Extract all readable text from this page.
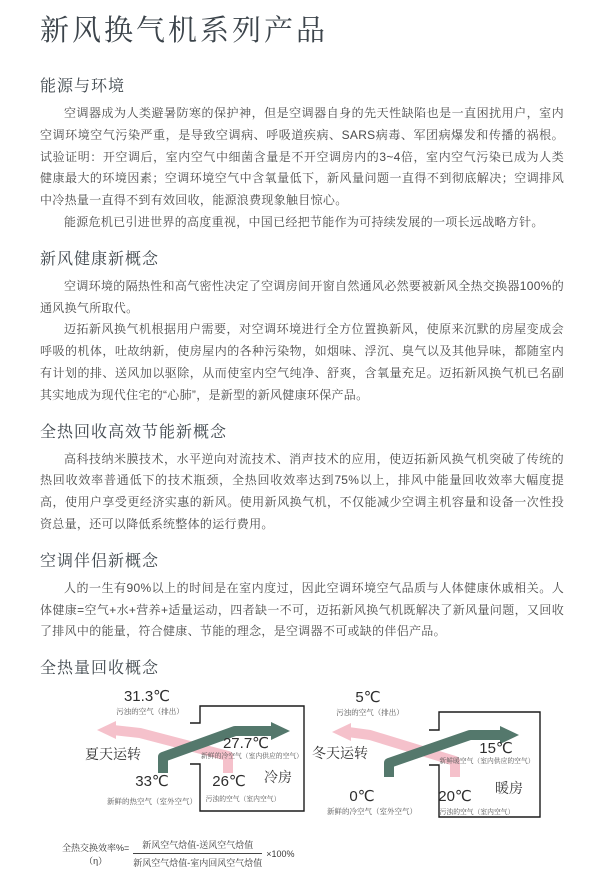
新风换气机系列产品
能源与环境

空调器成为人类避暑防寒的保护神，但是空调器自身的先天性缺陷也是一直困扰用户，室内空调环境空气污染严重，是导致空调病、呼吸道疾病、SARS病毒、军团病爆发和传播的祸根。试验证明：开空调后，室内空气中细菌含量是不开空调房内的3~4倍，室内空气污染已成为人类健康最大的环境因素；空调环境空气中含氧量低下，新风量问题一直得不到彻底解决；空调排风中冷热量一直得不到有效回收，能源浪费现象触目惊心。

能源危机已引进世界的高度重视，中国已经把节能作为可持续发展的一项长远战略方针。

新风健康新概念

空调环境的隔热性和高气密性决定了空调房间开窗自然通风必然要被新风全热交换器100%的通风换气所取代。

迈拓新风换气机根据用户需要，对空调环境进行全方位置换新风，使原来沉默的房屋变成会呼吸的机体，吐故纳新，使房屋内的各种污染物，如烟味、浮沉、臭气以及其他异味，都随室内有计划的排、送风加以驱除，从而使室内空气纯净、舒爽，含氧量充足。迈拓新风换气机已名副其实地成为现代住宅的“心肺”，是新型的新风健康环保产品。

全热回收高效节能新概念

高科技纳米膜技术，水平逆向对流技术、消声技术的应用，使迈拓新风换气机突破了传统的热回收效率普通低下的技术瓶颈，全热回收效率达到75%以上，排风中能量回收效率大幅度提高，使用户享受更经济实惠的新风。使用新风换气机，不仅能减少空调主机容量和设备一次性投资总量，还可以降低系统整体的运行费用。

空调伴侣新概念

人的一生有90%以上的时间是在室内度过，因此空调环境空气品质与人体健康休戚相关。人体健康=空气+水+营养+适量运动，四者缺一不可，迈拓新风换气机既解决了新风量问题，又回收了排风中的能量，符合健康、节能的理念，是空调器不可或缺的伴侣产品。

全热量回收概念
31.3℃
污浊的空气（排出）
夏天运转
27.7℃
新鲜的冷空气（室内供应的空气）
33℃
新鲜的热空气（室外空气）
26℃
污浊的空气（室内空气）
冷房
5℃
污浊的空气（排出）
冬天运转	15℃
新鲜暖空气（室内供应的空气）
0℃
新鲜的冷空气（室外空气）
20℃
污浊的空气（室内空气）
暖房
全热交换效率%=
（η）	$\frac{\text{新风空气焓值-送风空气焓值}}{\text{新风空气焓值-室内回风空气焓值}} \times 100\%$
